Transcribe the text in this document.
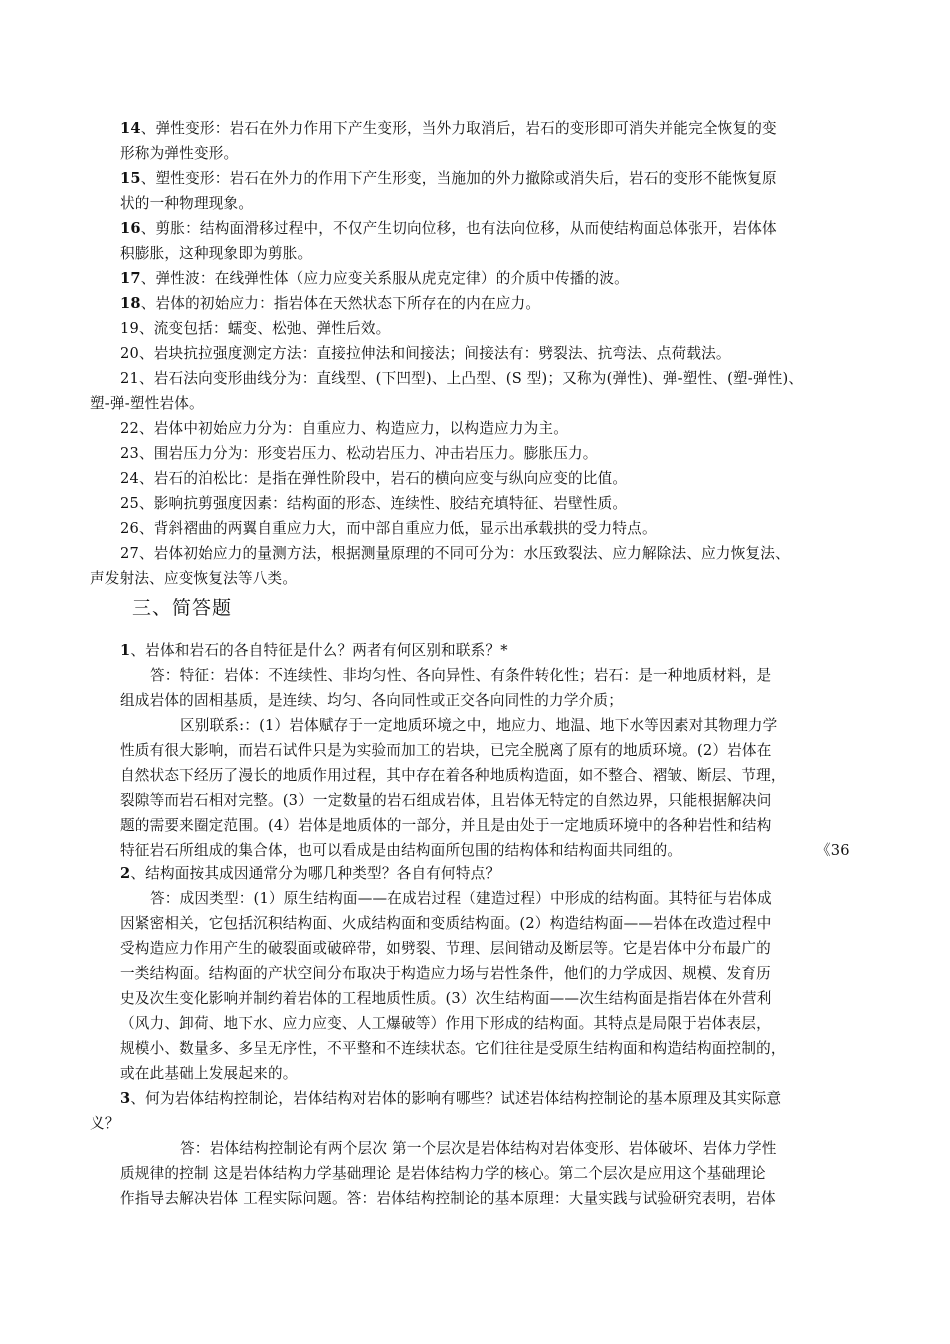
14、弹性变形：岩石在外力作用下产生变形，当外力取消后，岩石的变形即可消失并能完全恢复的变
形称为弹性变形。
15、塑性变形：岩石在外力的作用下产生形变，当施加的外力撤除或消失后，岩石的变形不能恢复原
状的一种物理现象。
16、剪胀：结构面滑移过程中，不仅产生切向位移，也有法向位移，从而使结构面总体张开，岩体体
积膨胀，这种现象即为剪胀。
17、弹性波：在线弹性体（应力应变关系服从虎克定律）的介质中传播的波。
18、岩体的初始应力：指岩体在天然状态下所存在的内在应力。
19、流变包括：蠕变、松弛、弹性后效。
20、岩块抗拉强度测定方法：直接拉伸法和间接法；间接法有：劈裂法、抗弯法、点荷载法。
21、岩石法向变形曲线分为：直线型、(下凹型)、上凸型、(S 型)；又称为(弹性)、弹-塑性、(塑-弹性)、
塑-弹-塑性岩体。
22、岩体中初始应力分为：自重应力、构造应力，以构造应力为主。
23、围岩压力分为：形变岩压力、松动岩压力、冲击岩压力。膨胀压力。
24、岩石的泊松比：是指在弹性阶段中，岩石的横向应变与纵向应变的比值。
25、影响抗剪强度因素：结构面的形态、连续性、胶结充填特征、岩壁性质。
26、背斜褶曲的两翼自重应力大，而中部自重应力低，显示出承载拱的受力特点。
27、岩体初始应力的量测方法，根据测量原理的不同可分为：水压致裂法、应力解除法、应力恢复法、
声发射法、应变恢复法等八类。
三、简答题
1、岩体和岩石的各自特征是什么？两者有何区别和联系？*
答：特征：岩体：不连续性、非均匀性、各向异性、有条件转化性；岩石：是一种地质材料，是
组成岩体的固相基质，是连续、均匀、各向同性或正交各向同性的力学介质；
区别联系:：(1）岩体赋存于一定地质环境之中，地应力、地温、地下水等因素对其物理力学
性质有很大影响，而岩石试件只是为实验而加工的岩块，已完全脱离了原有的地质环境。(2）岩体在
自然状态下经历了漫长的地质作用过程，其中存在着各种地质构造面，如不整合、褶皱、断层、节理，
裂隙等而岩石相对完整。(3）一定数量的岩石组成岩体，且岩体无特定的自然边界，只能根据解决问
题的需要来圈定范围。(4）岩体是地质体的一部分，并且是由处于一定地质环境中的各种岩性和结构
特征岩石所组成的集合体，也可以看成是由结构面所包围的结构体和结构面共同组的。	《36
2、结构面按其成因通常分为哪几种类型？各自有何特点？
答：成因类型：(1）原生结构面——在成岩过程（建造过程）中形成的结构面。其特征与岩体成
因紧密相关，它包括沉积结构面、火成结构面和变质结构面。(2）构造结构面——岩体在改造过程中
受构造应力作用产生的破裂面或破碎带，如劈裂、节理、层间错动及断层等。它是岩体中分布最广的
一类结构面。结构面的产状空间分布取决于构造应力场与岩性条件，他们的力学成因、规模、发育历
史及次生变化影响并制约着岩体的工程地质性质。(3）次生结构面——次生结构面是指岩体在外营利
（风力、卸荷、地下水、应力应变、人工爆破等）作用下形成的结构面。其特点是局限于岩体表层，
规模小、数量多、多呈无序性，不平整和不连续状态。它们往往是受原生结构面和构造结构面控制的，
或在此基础上发展起来的。
3、何为岩体结构控制论，岩体结构对岩体的影响有哪些？试述岩体结构控制论的基本原理及其实际意
义？
答：岩体结构控制论有两个层次 第一个层次是岩体结构对岩体变形、岩体破坏、岩体力学性
质规律的控制 这是岩体结构力学基础理论 是岩体结构力学的核心。第二个层次是应用这个基础理论
作指导去解决岩体 工程实际问题。答：岩体结构控制论的基本原理：大量实践与试验研究表明，岩体
